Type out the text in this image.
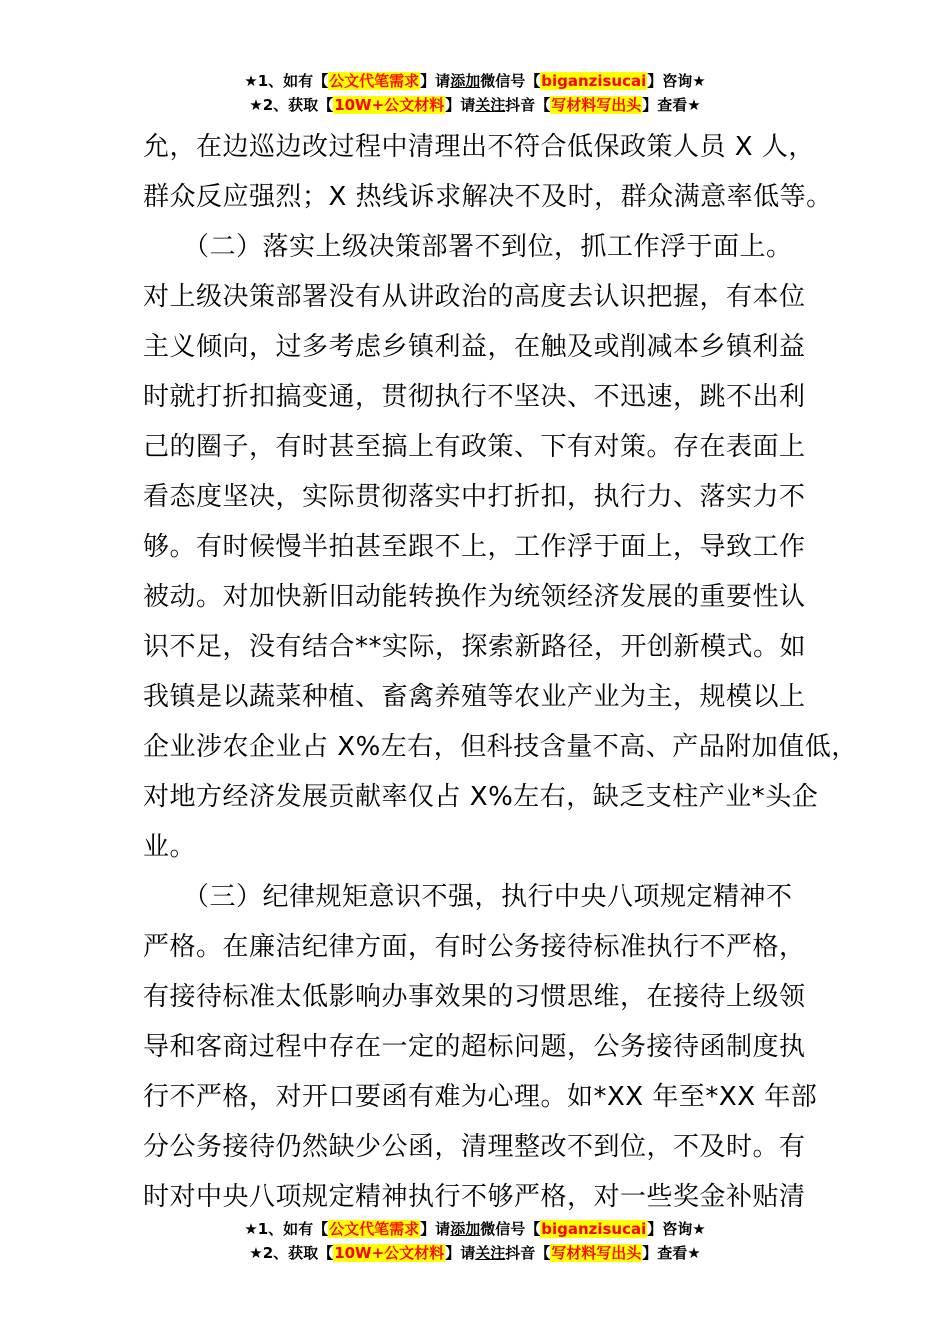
★1、如有【公文代笔需求】请添加微信号【biganzisucai】咨询★
★2、获取【10W+公文材料】请关注抖音【写材料写出头】查看★
允，在边巡边改过程中清理出不符合低保政策人员 X 人，
群众反应强烈；X 热线诉求解决不及时，群众满意率低等。
　　（二）落实上级决策部署不到位，抓工作浮于面上。
对上级决策部署没有从讲政治的高度去认识把握，有本位
主义倾向，过多考虑乡镇利益，在触及或削减本乡镇利益
时就打折扣搞变通，贯彻执行不坚决、不迅速，跳不出利
己的圈子，有时甚至搞上有政策、下有对策。存在表面上
看态度坚决，实际贯彻落实中打折扣，执行力、落实力不
够。有时候慢半拍甚至跟不上，工作浮于面上，导致工作
被动。对加快新旧动能转换作为统领经济发展的重要性认
识不足，没有结合**实际，探索新路径，开创新模式。如
我镇是以蔬菜种植、畜禽养殖等农业产业为主，规模以上
企业涉农企业占 X%左右，但科技含量不高、产品附加值低，
对地方经济发展贡献率仅占 X%左右，缺乏支柱产业*头企
业。
　　（三）纪律规矩意识不强，执行中央八项规定精神不
严格。在廉洁纪律方面，有时公务接待标准执行不严格，
有接待标准太低影响办事效果的习惯思维，在接待上级领
导和客商过程中存在一定的超标问题，公务接待函制度执
行不严格，对开口要函有难为心理。如*XX 年至*XX 年部
分公务接待仍然缺少公函，清理整改不到位，不及时。有
时对中央八项规定精神执行不够严格，对一些奖金补贴清
★1、如有【公文代笔需求】请添加微信号【biganzisucai】咨询★
★2、获取【10W+公文材料】请关注抖音【写材料写出头】查看★
